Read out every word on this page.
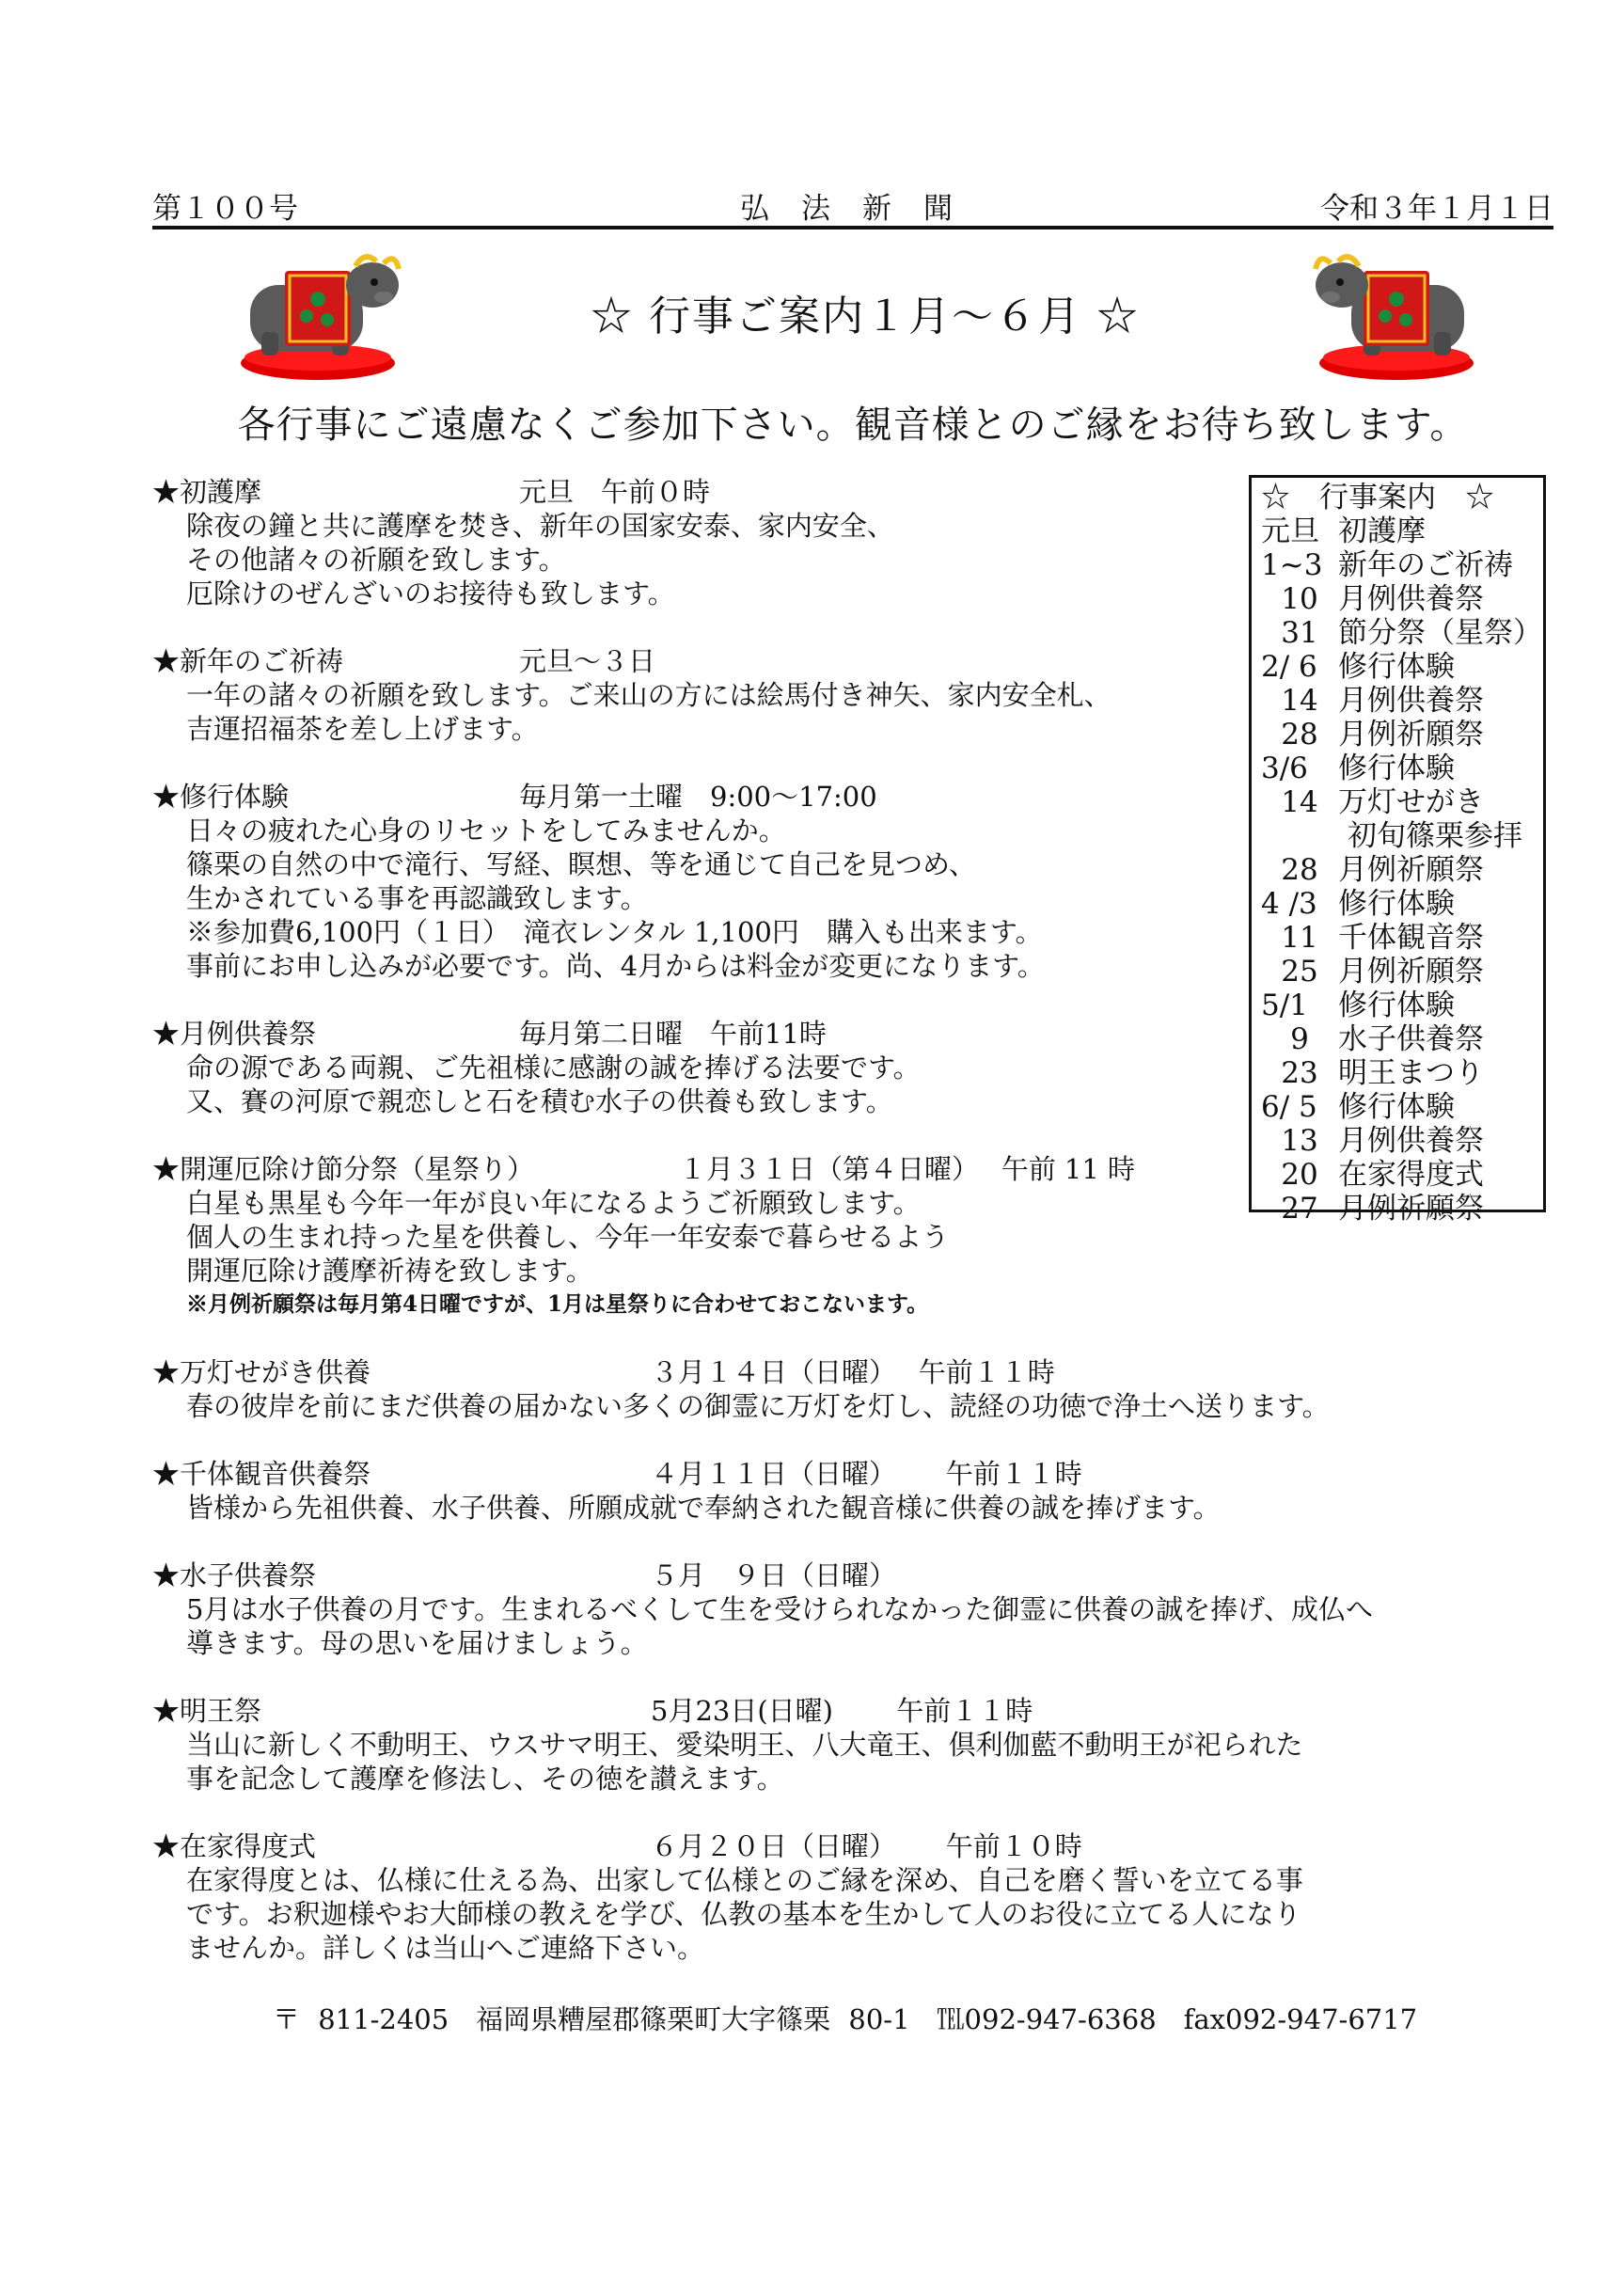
第１００号	弘法新聞	令和３年１月１日
☆ 行事ご案内１月～６月 ☆
各行事にご遠慮なくご参加下さい。観音様とのご縁をお待ち致します。
★初護摩	元旦　午前０時
除夜の鐘と共に護摩を焚き、新年の国家安泰、家内安全、
その他諸々の祈願を致します。
厄除けのぜんざいのお接待も致します。
★新年のご祈祷	元旦～３日
一年の諸々の祈願を致します。ご来山の方には絵馬付き神矢、家内安全札、
吉運招福茶を差し上げます。
★修行体験	毎月第一土曜　9:00～17:00
日々の疲れた心身のリセットをしてみませんか。
篠栗の自然の中で滝行、写経、瞑想、等を通じて自己を見つめ、
生かされている事を再認識致します。
※参加費6,100円（１日）　滝衣レンタル 1,100円　購入も出来ます。
事前にお申し込みが必要です。尚、4月からは料金が変更になります。
★月例供養祭	毎月第二日曜　午前11時
命の源である両親、ご先祖様に感謝の誠を捧げる法要です。
又、賽の河原で親恋しと石を積む水子の供養も致します。
★開運厄除け節分祭（星祭り）	１月３１日（第４日曜）　 午前 11 時
白星も黒星も今年一年が良い年になるようご祈願致します。
個人の生まれ持った星を供養し、今年一年安泰で暮らせるよう
開運厄除け護摩祈祷を致します。
※月例祈願祭は毎月第4日曜ですが、1月は星祭りに合わせておこないます。
★万灯せがき供養	３月１４日（日曜）　 午前１１時
春の彼岸を前にまだ供養の届かない多くの御霊に万灯を灯し、読経の功徳で浄土へ送ります。
★千体観音供養祭	４月１１日（日曜）　　 午前１１時
皆様から先祖供養、水子供養、所願成就で奉納された観音様に供養の誠を捧げます。
★水子供養祭	５月　９日（日曜）
5月は水子供養の月です。生まれるべくして生を受けられなかった御霊に供養の誠を捧げ、成仏へ
導きます。母の思いを届けましょう。
★明王祭	5月23日(日曜)　　 午前１１時
当山に新しく不動明王、ウスサマ明王、愛染明王、八大竜王、倶利伽藍不動明王が祀られた
事を記念して護摩を修法し、その徳を讃えます。
★在家得度式	６月２０日（日曜）　　 午前１０時
在家得度とは、仏様に仕える為、出家して仏様とのご縁を深め、自己を磨く誓いを立てる事
です。お釈迦様やお大師様の教えを学び、仏教の基本を生かして人のお役に立てる人になり
ませんか。詳しくは当山へご連絡下さい。
☆　行事案内　☆
元旦 初護摩
1~3 新年のご祈祷
10 月例供養祭
31 節分祭（星祭）
2/ 6 修行体験
14 月例供養祭
28 月例祈願祭
3/6	修行体験
14 万灯せがき
初旬篠栗参拝
28 月例祈願祭
4 /3 修行体験
11 千体観音祭
25 月例祈願祭
5/1	修行体験
9	水子供養祭
23 明王まつり
6/ 5 修行体験
13 月例供養祭
20 在家得度式
27 月例祈願祭
〒 811-2405　福岡県糟屋郡篠栗町大字篠栗 80-1　℡092-947-6368　fax092-947-6717
